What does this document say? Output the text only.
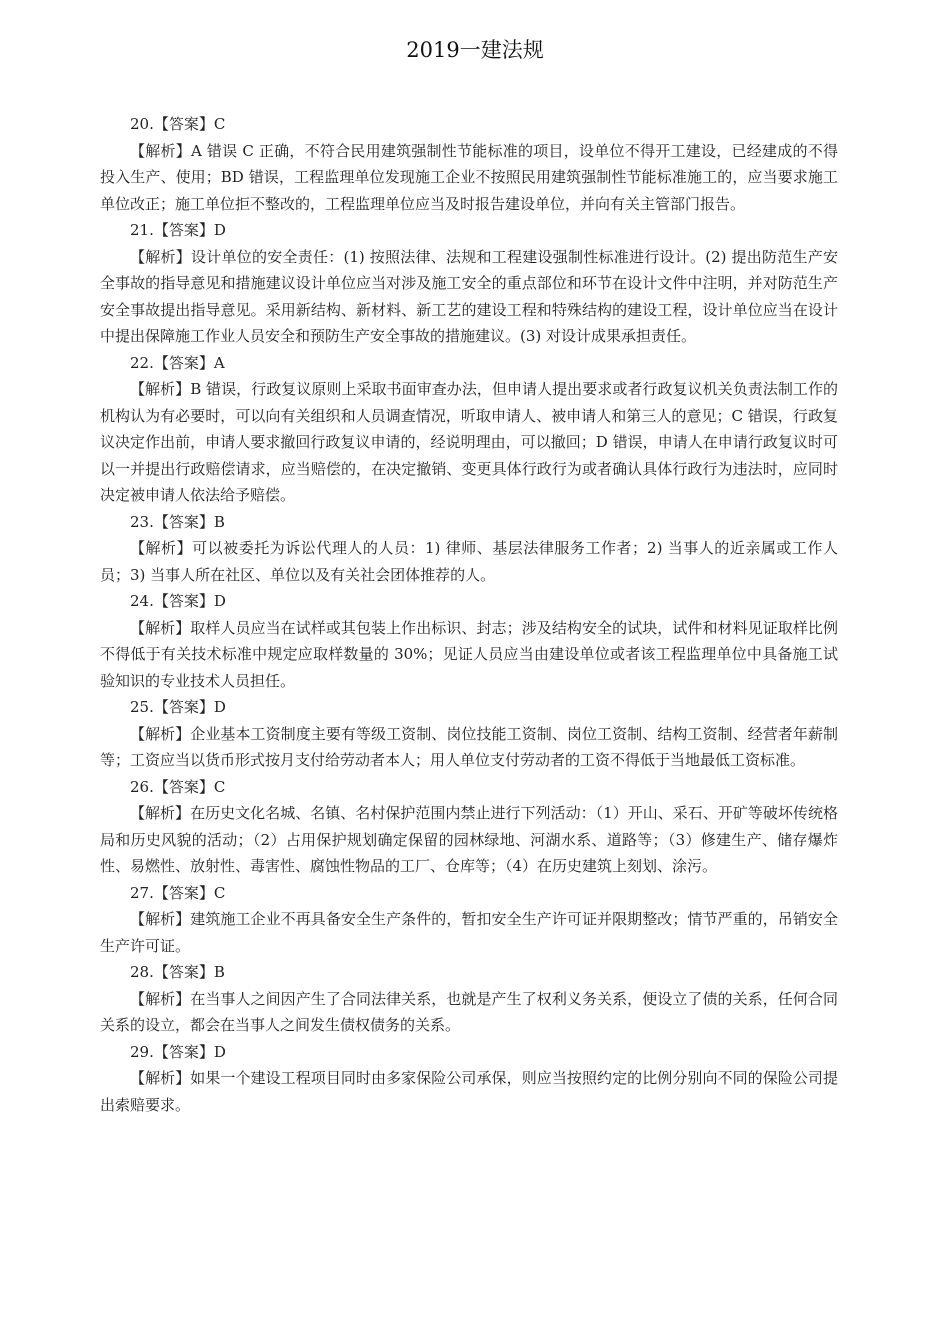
2019一建法规
20.【答案】C

【解析】A 错误 C 正确，不符合民用建筑强制性节能标准的项目，设单位不得开工建设，已经建成的不得投入生产、使用；BD 错误，工程监理单位发现施工企业不按照民用建筑强制性节能标准施工的，应当要求施工单位改正；施工单位拒不整改的，工程监理单位应当及时报告建设单位，并向有关主管部门报告。

21.【答案】D

【解析】设计单位的安全责任：(1) 按照法律、法规和工程建设强制性标准进行设计。(2) 提出防范生产安全事故的指导意见和措施建议设计单位应当对涉及施工安全的重点部位和环节在设计文件中注明，并对防范生产安全事故提出指导意见。采用新结构、新材料、新工艺的建设工程和特殊结构的建设工程，设计单位应当在设计中提出保障施工作业人员安全和预防生产安全事故的措施建议。(3) 对设计成果承担责任。

22.【答案】A

【解析】B 错误，行政复议原则上采取书面审查办法，但申请人提出要求或者行政复议机关负责法制工作的机构认为有必要时，可以向有关组织和人员调查情况，听取申请人、被申请人和第三人的意见；C 错误，行政复议决定作出前，申请人要求撤回行政复议申请的，经说明理由，可以撤回；D 错误，申请人在申请行政复议时可以一并提出行政赔偿请求，应当赔偿的，在决定撤销、变更具体行政行为或者确认具体行政行为违法时，应同时决定被申请人依法给予赔偿。

23.【答案】B

【解析】可以被委托为诉讼代理人的人员：1) 律师、基层法律服务工作者；2) 当事人的近亲属或工作人员；3) 当事人所在社区、单位以及有关社会团体推荐的人。

24.【答案】D

【解析】取样人员应当在试样或其包装上作出标识、封志；涉及结构安全的试块，试件和材料见证取样比例不得低于有关技术标准中规定应取样数量的 30%；见证人员应当由建设单位或者该工程监理单位中具备施工试验知识的专业技术人员担任。

25.【答案】D

【解析】企业基本工资制度主要有等级工资制、岗位技能工资制、岗位工资制、结构工资制、经营者年薪制等；工资应当以货币形式按月支付给劳动者本人；用人单位支付劳动者的工资不得低于当地最低工资标准。

26.【答案】C

【解析】在历史文化名城、名镇、名村保护范围内禁止进行下列活动：（1）开山、采石、开矿等破坏传统格局和历史风貌的活动；（2）占用保护规划确定保留的园林绿地、河湖水系、道路等；（3）修建生产、储存爆炸性、易燃性、放射性、毒害性、腐蚀性物品的工厂、仓库等；（4）在历史建筑上刻划、涂污。

27.【答案】C

【解析】建筑施工企业不再具备安全生产条件的，暂扣安全生产许可证并限期整改；情节严重的，吊销安全生产许可证。

28.【答案】B

【解析】在当事人之间因产生了合同法律关系，也就是产生了权利义务关系，便设立了债的关系，任何合同关系的设立，都会在当事人之间发生债权债务的关系。

29.【答案】D

【解析】如果一个建设工程项目同时由多家保险公司承保，则应当按照约定的比例分别向不同的保险公司提出索赔要求。
